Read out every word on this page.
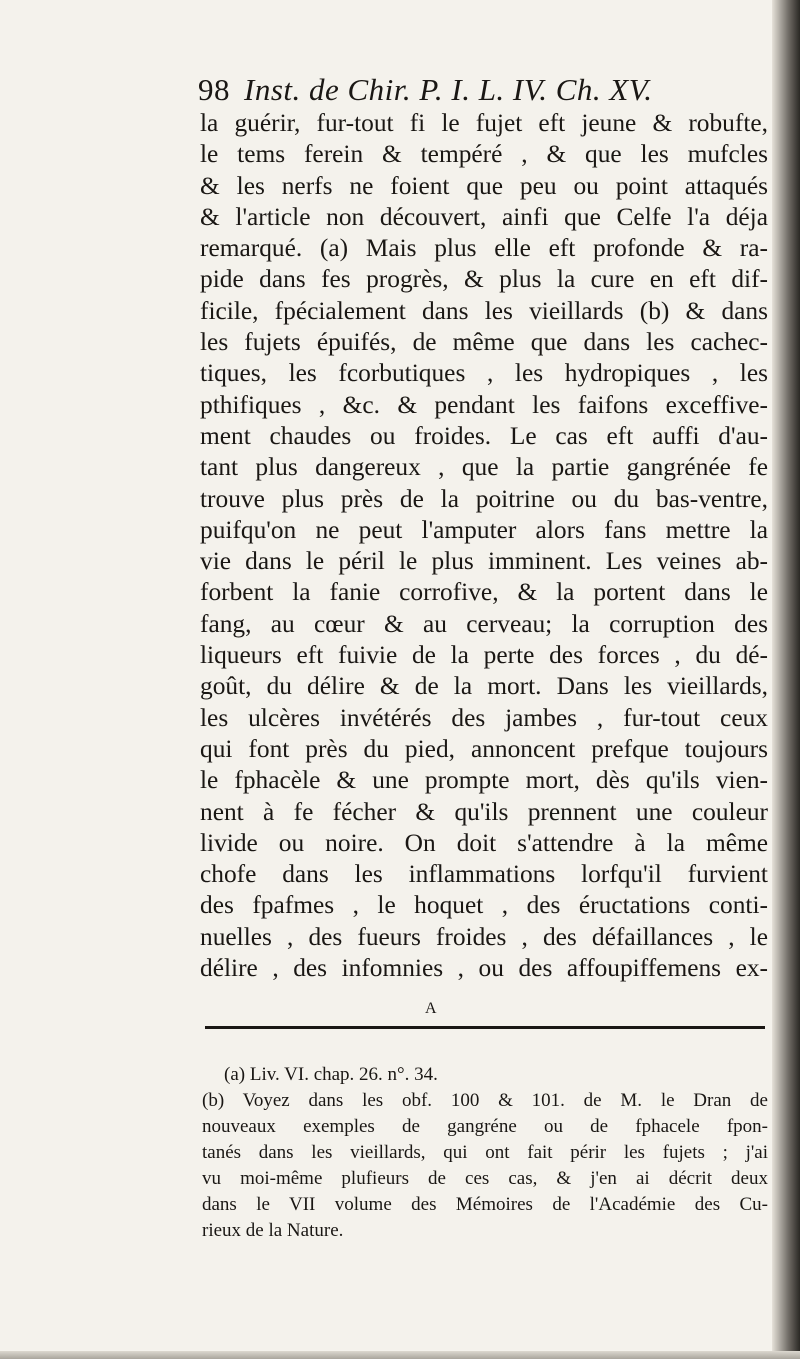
98 Inst. de Chir. P. I. L. IV. Ch. XV.
la guérir, fur-tout fi le fujet eft jeune & robufte,
le tems ferein & tempéré , & que les mufcles
& les nerfs ne foient que peu ou point attaqués
& l'article non découvert, ainfi que Celfe l'a déja
remarqué. (a) Mais plus elle eft profonde & ra-
pide dans fes progrès, & plus la cure en eft dif-
ficile, fpécialement dans les vieillards (b) & dans
les fujets épuifés, de même que dans les cachec-
tiques, les fcorbutiques , les hydropiques , les
pthifiques , &c. & pendant les faifons exceffive-
ment chaudes ou froides. Le cas eft auffi d'au-
tant plus dangereux , que la partie gangrénée fe
trouve plus près de la poitrine ou du bas-ventre,
puifqu'on ne peut l'amputer alors fans mettre la
vie dans le péril le plus imminent. Les veines ab-
forbent la fanie corrofive, & la portent dans le
fang, au cœur & au cerveau; la corruption des
liqueurs eft fuivie de la perte des forces , du dé-
goût, du délire & de la mort. Dans les vieillards,
les ulcères invétérés des jambes , fur-tout ceux
qui font près du pied, annoncent prefque toujours
le fphacèle & une prompte mort, dès qu'ils vien-
nent à fe fécher & qu'ils prennent une couleur
livide ou noire. On doit s'attendre à la même
chofe dans les inflammations lorfqu'il furvient
des fpafmes , le hoquet , des éructations conti-
nuelles , des fueurs froides , des défaillances , le
délire , des infomnies , ou des affoupiffemens ex-
A
(a) Liv. VI. chap. 26. n°. 34.
(b) Voyez dans les obf. 100 & 101. de M. le Dran de
nouveaux exemples de gangréne ou de fphacele fpon-
tanés dans les vieillards, qui ont fait périr les fujets ; j'ai
vu moi-même plufieurs de ces cas, & j'en ai décrit deux
dans le VII volume des Mémoires de l'Académie des Cu-
rieux de la Nature.
